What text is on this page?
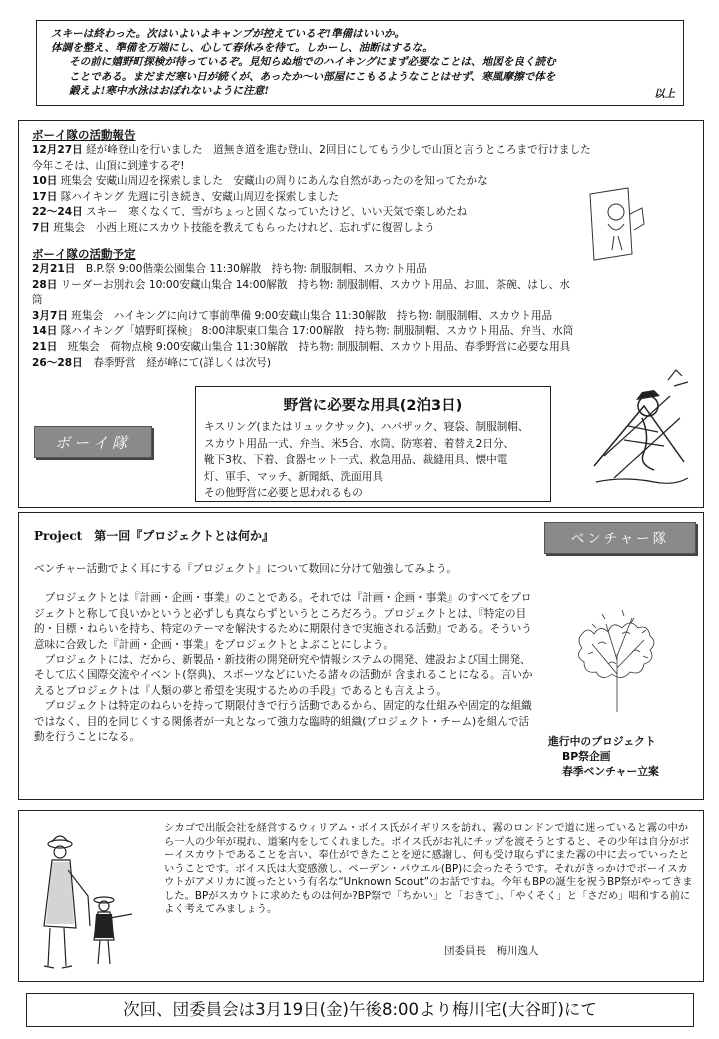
スキーは終わった。次はいよいよキャンプが控えているぞ!準備はいいか。
体調を整え、準備を万端にし、心して春休みを待て。しかーし、油断はするな。
その前に嬉野町探検が待っているぞ。見知らぬ地でのハイキングにまず必要なことは、地図を良く読む
ことである。まだまだ寒い日が続くが、あったか～い部屋にこもるようなことはせず、寒風摩擦で体を
鍛えよ!寒中水泳はおぼれないように注意!	以上
ボーイ隊の活動報告
12月27日 経が峰登山を行いました　道無き道を進む登山、2回目にしてもう少しで山頂と言うところまで行けました
今年こそは、山頂に到達するぞ!
10日 班集会 安藏山周辺を探索しました　安藏山の周りにあんな自然があったのを知ってたかな
17日 隊ハイキング 先週に引き続き、安藏山周辺を探索しました
22～24日 スキー　寒くなくて、雪がちょっと固くなっていたけど、いい天気で楽しめたね
7日 班集会　小西上班にスカウト技能を教えてもらったけれど、忘れずに復習しよう
ボーイ隊の活動予定
2月21日　B.P.祭 9:00偕楽公園集合 11:30解散　持ち物: 制服制帽、スカウト用品
28日 リーダーお別れ会 10:00安藏山集合 14:00解散　持ち物: 制服制帽、スカウト用品、お皿、茶碗、はし、水
筒
3月7日 班集会　ハイキングに向けて事前準備 9:00安藏山集合 11:30解散　持ち物: 制服制帽、スカウト用品
14日 隊ハイキング「嬉野町探検」 8:00津駅東口集合 17:00解散　持ち物: 制服制帽、スカウト用品、弁当、水筒
21日　班集会　荷物点検 9:00安藏山集合 11:30解散　持ち物: 制服制帽、スカウト用品、春季野営に必要な用具
26～28日　春季野営　経が峰にて(詳しくは次号)
野営に必要な用具(2泊3日)
キスリング(またはリュックサック)、ハバザック、寝袋、制服制帽、
スカウト用品一式、弁当、米5合、水筒、防寒着、着替え2日分、
靴下3枚、下着、食器セット一式、救急用品、裁縫用具、懐中電
灯、軍手、マッチ、新聞紙、洗面用具
その他野営に必要と思われるもの
ボーイ隊
Project　第一回『プロジェクトとは何か』	ベンチャー隊

ベンチャー活動でよく耳にする『プロジェクト』について数回に分けて勉強してみよう。

　プロジェクトとは『計画・企画・事業』のことである。それでは『計画・企画・事業』のすべてをプロジェクトと称して良いかというと必ずしも真ならずというところだろう。プロジェクトとは、『特定の目的・目標・ねらいを持ち、特定のテーマを解決するために期限付きで実施される活動』である。そういう意味に合致した『計画・企画・事業』をプロジェクトとよぶことにしよう。

　プロジェクトには、だから、新製品・新技術の開発研究や情報システムの開発、建設および国土開発、そして広く国際交流やイベント(祭典)、スポーツなどにいたる諸々の活動が 含まれることになる。言いかえるとプロジェクトは『人類の夢と希望を実現するための手段』であるとも言えよう。

　プロジェクトは特定のねらいを持って期限付きで行う活動であるから、固定的な仕組みや固定的な組織ではなく、目的を同じくする関係者が一丸となって強力な臨時的組織(プロジェクト・チーム)を組んで活動を行うことになる。	進行中のプロジェクト
BP祭企画
春季ベンチャー立案
シカゴで出版会社を経営するウィリアム・ボイス氏がイギリスを訪れ、霧のロンドンで道に迷っていると霧の中から一人の少年が現れ、道案内をしてくれました。ボイス氏がお礼にチップを渡そうとすると、その少年は自分がボーイスカウトであることを言い、奉仕ができたことを逆に感謝し、何も受け取らずにまた霧の中に去っていったということです。ボイス氏は大変感激し、ベーデン・パウエル(BP)に会ったそうです。それがきっかけでボーイスカウトがアメリカに渡ったという有名な“Unknown Scout”のお話ですね。今年もBPの誕生を祝うBP祭がやってきました。BPがスカウトに求めたものは何か?BP祭で「ちかい」と「おきて」、「やくそく」と「さだめ」唱和する前によく考えてみましょう。
団委員長　梅川逸人
次回、団委員会は3月19日(金)午後8:00より梅川宅(大谷町)にて
